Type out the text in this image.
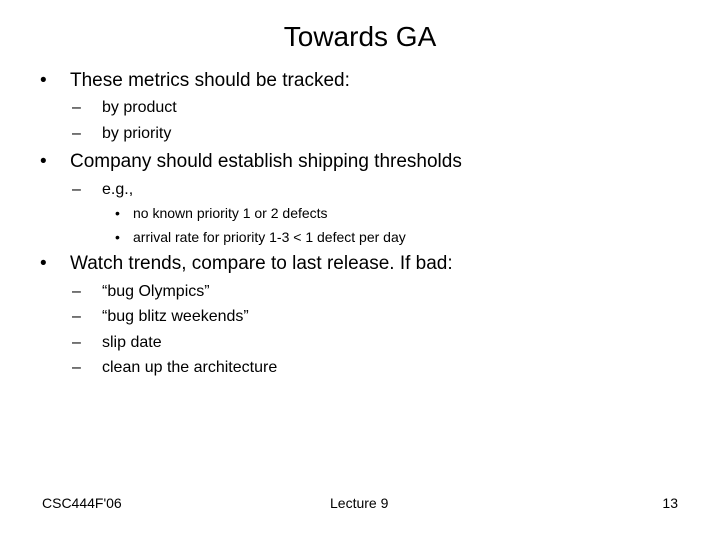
Towards GA
• These metrics should be tracked:
– by product
– by priority
• Company should establish shipping thresholds
– e.g.,
• no known priority 1 or 2 defects
• arrival rate for priority 1-3 < 1 defect per day
• Watch trends, compare to last release. If bad:
– “bug Olympics”
– “bug blitz weekends”
– slip date
– clean up the architecture
CSC444F'06	Lecture 9	13
